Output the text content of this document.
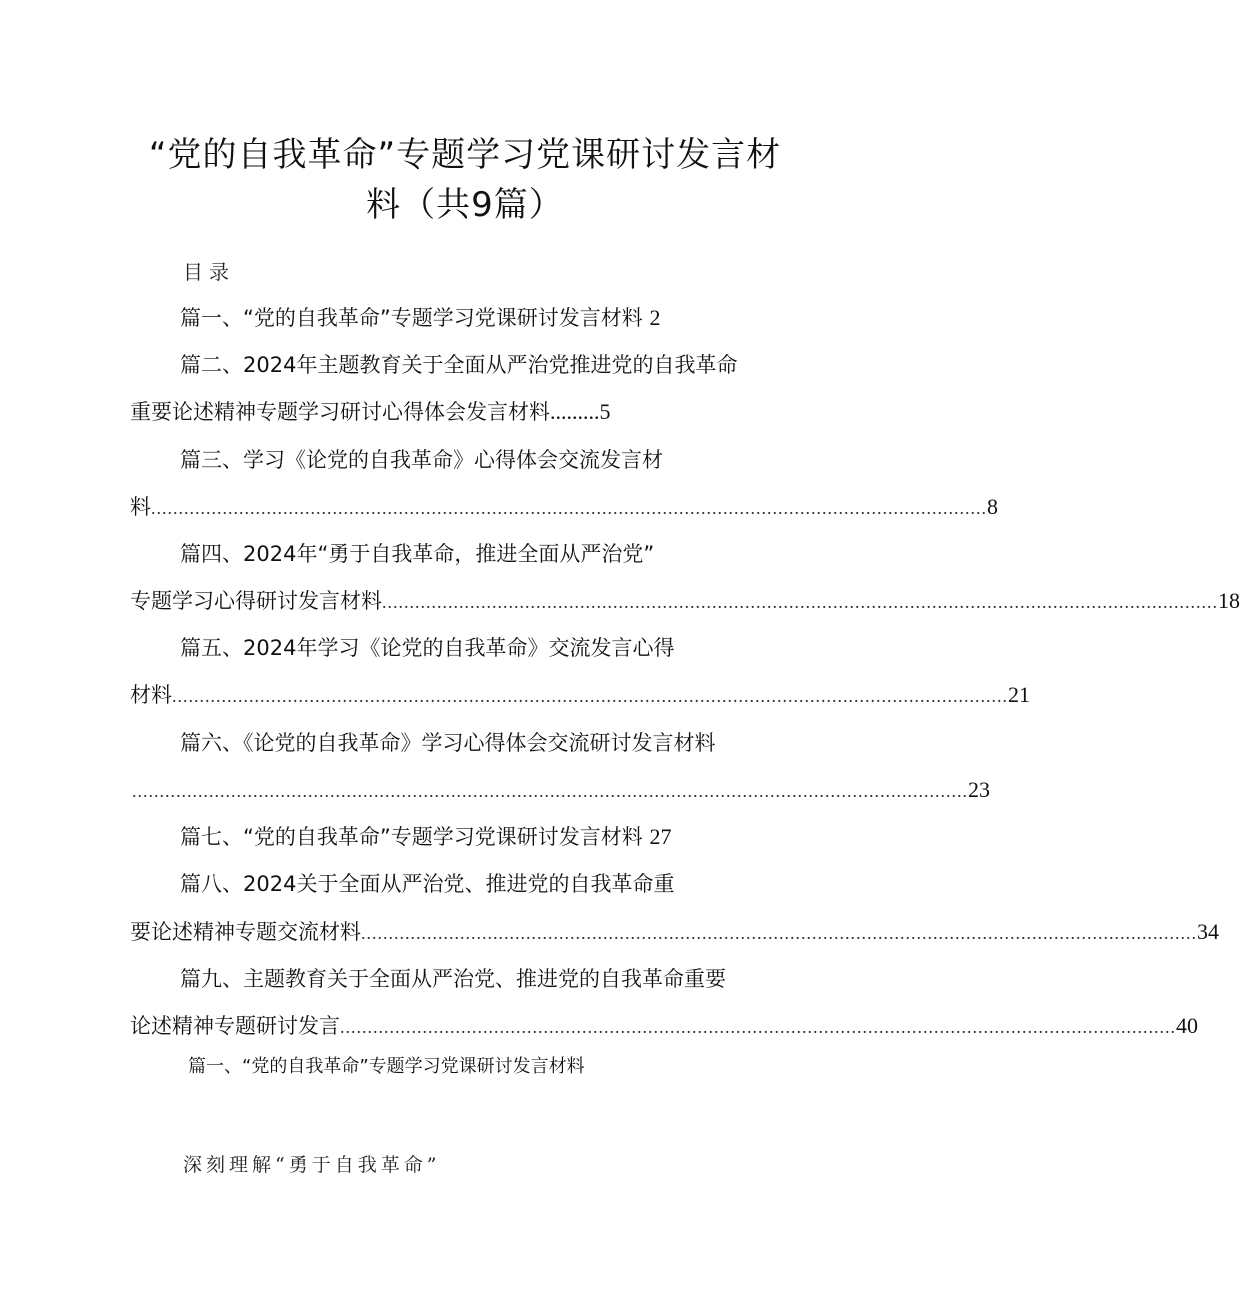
“党的自我革命”专题学习党课研讨发言材
料（共9篇）
目录
篇一、“党的自我革命”专题学习党课研讨发言材料 2
篇二、2024年主题教育关于全面从严治党推进党的自我革命
重要论述精神专题学习研讨心得体会发言材料.........5
篇三、学习《论党的自我革命》心得体会交流发言材
料 ........................................................................................................................................................ 8
篇四、2024年“勇于自我革命，推进全面从严治党”
专题学习心得研讨发言材料 ........................................................................................................................................................ 18
篇五、2024年学习《论党的自我革命》交流发言心得
材料 ........................................................................................................................................................ 21
篇六、《论党的自我革命》学习心得体会交流研讨发言材料
........................................................................................................................................................ 23
篇七、“党的自我革命”专题学习党课研讨发言材料 27
篇八、2024关于全面从严治党、推进党的自我革命重
要论述精神专题交流材料 ........................................................................................................................................................ 34
篇九、主题教育关于全面从严治党、推进党的自我革命重要
论述精神专题研讨发言 ........................................................................................................................................................ 40
篇一、“党的自我革命”专题学习党课研讨发言材料
深刻理解“勇于自我革命”
